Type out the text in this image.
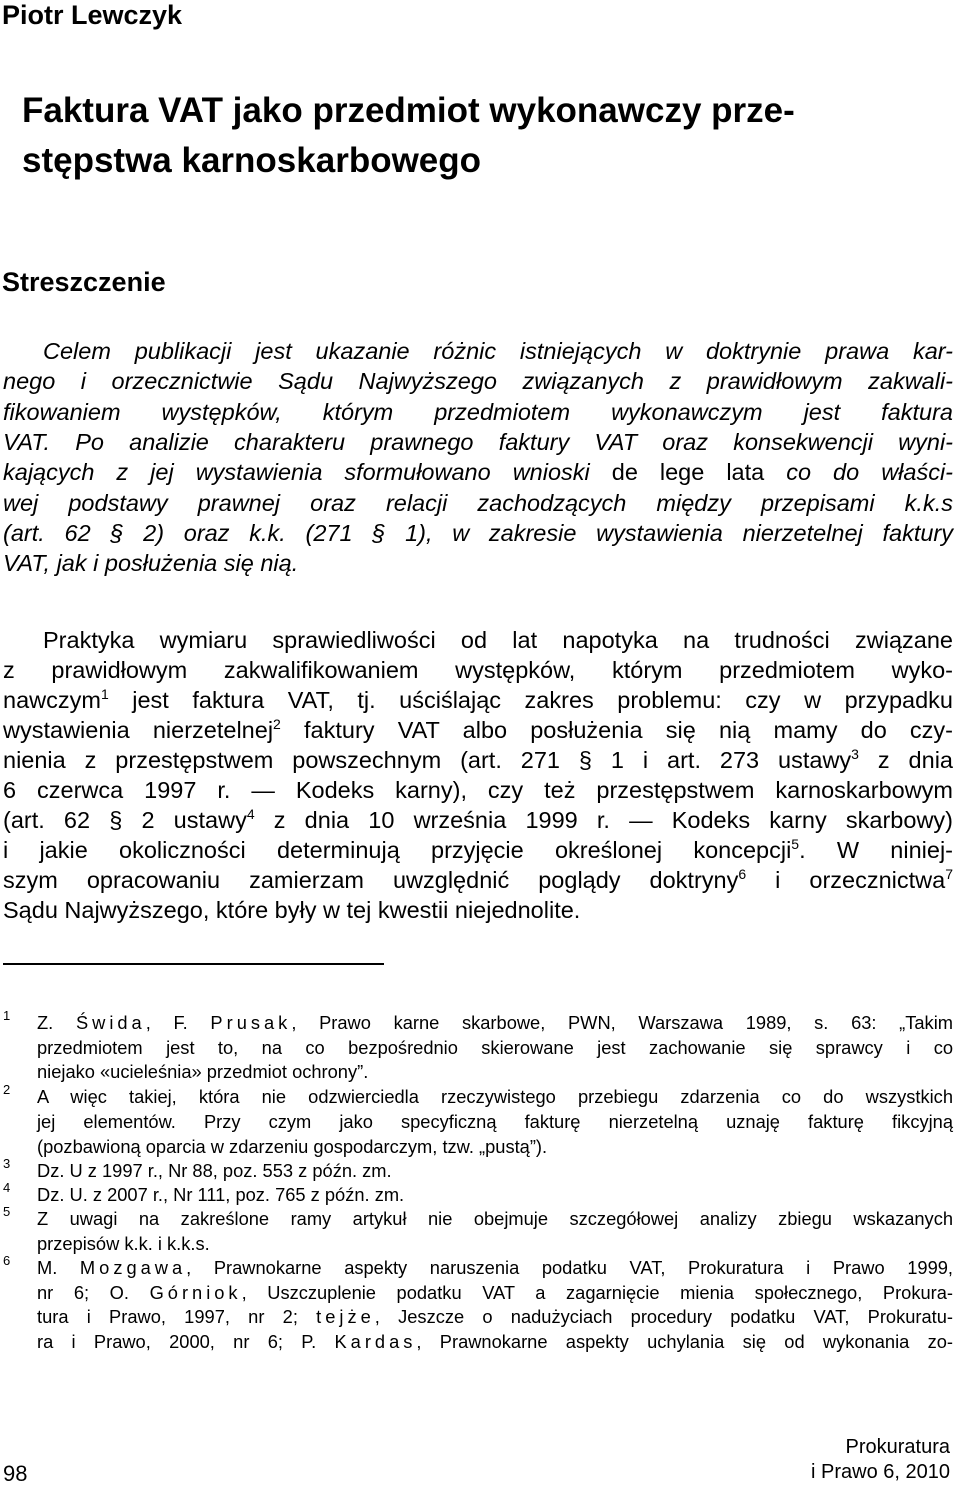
Piotr Lewczyk
Faktura VAT jako przedmiot wykonawczy prze-
stępstwa karnoskarbowego
Streszczenie
Celem publikacji jest ukazanie różnic istniejących w doktrynie prawa kar-
nego i orzecznictwie Sądu Najwyższego związanych z prawidłowym zakwali-
fikowaniem występków, którym przedmiotem wykonawczym jest faktura
VAT. Po analizie charakteru prawnego faktury VAT oraz konsekwencji wyni-
kających z jej wystawienia sformułowano wnioski de lege lata co do właści-
wej podstawy prawnej oraz relacji zachodzących między przepisami k.k.s
(art. 62 § 2) oraz k.k. (271 § 1), w zakresie wystawienia nierzetelnej faktury
VAT, jak i posłużenia się nią.
Praktyka wymiaru sprawiedliwości od lat napotyka na trudności związane
z prawidłowym zakwalifikowaniem występków, którym przedmiotem wyko-
nawczym$^1$ jest faktura VAT, tj. uściślając zakres problemu: czy w przypadku
wystawienia nierzetelnej$^2$ faktury VAT albo posłużenia się nią mamy do czy-
nienia z przestępstwem powszechnym (art. 271 § 1 i art. 273 ustawy$^3$ z dnia
6 czerwca 1997 r. — Kodeks karny), czy też przestępstwem karnoskarbowym
(art. 62 § 2 ustawy$^4$ z dnia 10 września 1999 r. — Kodeks karny skarbowy)
i jakie okoliczności determinują przyjęcie określonej koncepcji$^5$. W niniej-
szym opracowaniu zamierzam uwzględnić poglądy doktryny$^6$ i orzecznictwa$^7$
Sądu Najwyższego, które były w tej kwestii niejednolite.
1 Z. Świda, F. Prusak, Prawo karne skarbowe, PWN, Warszawa 1989, s. 63: „Takim
przedmiotem jest to, na co bezpośrednio skierowane jest zachowanie się sprawcy i co
niejako «ucieleśnia» przedmiot ochrony”.
2 A więc takiej, która nie odzwierciedla rzeczywistego przebiegu zdarzenia co do wszystkich
jej elementów. Przy czym jako specyficzną fakturę nierzetelną uznaję fakturę fikcyjną
(pozbawioną oparcia w zdarzeniu gospodarczym, tzw. „pustą”).
3 Dz. U z 1997 r., Nr 88, poz. 553 z późn. zm.
4 Dz. U. z 2007 r., Nr 111, poz. 765 z późn. zm.
5 Z uwagi na zakreślone ramy artykuł nie obejmuje szczegółowej analizy zbiegu wskazanych
przepisów k.k. i k.k.s.
6 M. Mozgawa, Prawnokarne aspekty naruszenia podatku VAT, Prokuratura i Prawo 1999,
nr 6; O. Górniok, Uszczuplenie podatku VAT a zagarnięcie mienia społecznego, Prokura-
tura i Prawo, 1997, nr 2; tejże, Jeszcze o nadużyciach procedury podatku VAT, Prokuratu-
ra i Prawo, 2000, nr 6; P. Kardas, Prawnokarne aspekty uchylania się od wykonania zo-
98
Prokuratura
i Prawo 6, 2010
